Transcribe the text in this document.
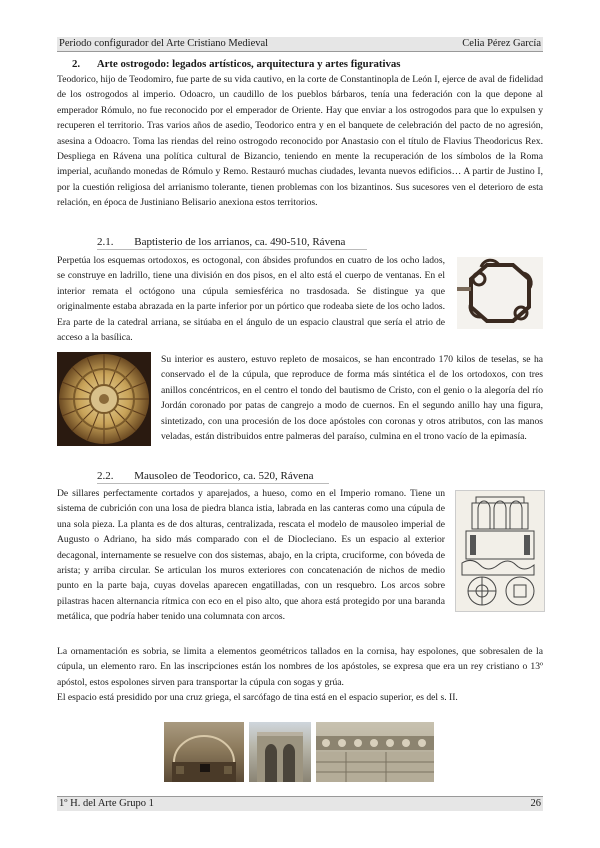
Periodo configurador del Arte Cristiano Medieval	Celia Pérez García
2. Arte ostrogodo: legados artísticos, arquitectura y artes figurativas
Teodorico, hijo de Teodomiro, fue parte de su vida cautivo, en la corte de Constantinopla de León I, ejerce de aval de fidelidad de los ostrogodos al imperio. Odoacro, un caudillo de los pueblos bárbaros, tenía una federación con la que depone al emperador Rómulo, no fue reconocido por el emperador de Oriente. Hay que enviar a los ostrogodos para que lo expulsen y recuperen el territorio. Tras varios años de asedio, Teodorico entra y en el banquete de celebración del pacto de no agresión, asesina a Odoacro. Toma las riendas del reino ostrogodo reconocido por Anastasio con el título de Flavius Theodoricus Rex. Despliega en Rávena una política cultural de Bizancio, teniendo en mente la recuperación de los símbolos de la Roma imperial, acuñando monedas de Rómulo y Remo. Restauró muchas ciudades, levanta nuevos edificios… A partir de Justino I, por la cuestión religiosa del arrianismo tolerante, tienen problemas con los bizantinos. Sus sucesores ven el deterioro de esta relación, en época de Justiniano Belisario anexiona estos territorios.
2.1. Baptisterio de los arrianos, ca. 490-510, Rávena
Perpetúa los esquemas ortodoxos, es octogonal, con ábsides profundos en cuatro de los ocho lados, se construye en ladrillo, tiene una división en dos pisos, en el alto está el cuerpo de ventanas. En el interior remata el octógono una cúpula semiesférica no trasdosada. Se distingue ya que originalmente estaba abrazada en la parte inferior por un pórtico que rodeaba siete de los ocho lados. Era parte de la catedral arriana, se sitúaba en el ángulo de un espacio claustral que sería el atrio de acceso a la basílica.
Su interior es austero, estuvo repleto de mosaicos, se han encontrado 170 kilos de teselas, se ha conservado el de la cúpula, que reproduce de forma más sintética el de los ortodoxos, con tres anillos concéntricos, en el centro el tondo del bautismo de Cristo, con el genio o la alegoría del río Jordán coronado por patas de cangrejo a modo de cuernos. En el segundo anillo hay una figura, sintetizado, con una procesión de los doce apóstoles con coronas y otros atributos, con las manos veladas, están distribuidos entre palmeras del paraíso, culmina en el trono vacío de la epimasía.
2.2. Mausoleo de Teodorico, ca. 520, Rávena
De sillares perfectamente cortados y aparejados, a hueso, como en el Imperio romano. Tiene un sistema de cubrición con una losa de piedra blanca istia, labrada en las canteras como una cúpula de una sola pieza. La planta es de dos alturas, centralizada, rescata el modelo de mausoleo imperial de Augusto o Adriano, ha sido más comparado con el de Diocleciano. Es un espacio al exterior decagonal, internamente se resuelve con dos sistemas, abajo, en la cripta, cruciforme, con bóveda de arista; y arriba circular. Se articulan los muros exteriores con concatenación de nichos de medio punto en la parte baja, cuyas dovelas aparecen engatilladas, con un resquebro. Los arcos sobre pilastras hacen alternancia rítmica con eco en el piso alto, que ahora está protegido por una baranda metálica, que podría haber tenido una columnata con arcos.
La ornamentación es sobria, se limita a elementos geométricos tallados en la cornisa, hay espolones, que sobresalen de la cúpula, un elemento raro. En las inscripciones están los nombres de los apóstoles, se expresa que era un rey cristiano o 13º apóstol, estos espolones sirven para transportar la cúpula con sogas y grúa.
El espacio está presidido por una cruz griega, el sarcófago de tina está en el espacio superior, es del s. II.
1º H. del Arte Grupo 1	26
